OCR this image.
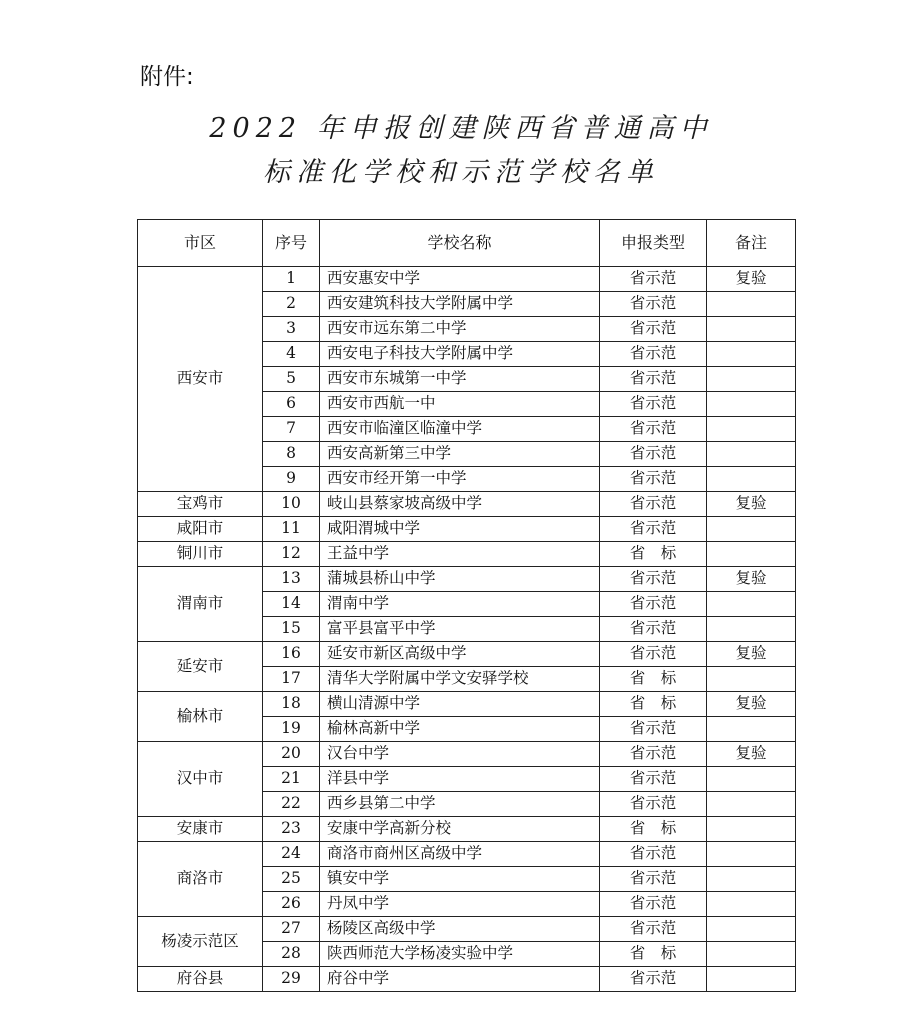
附件:
2022 年申报创建陕西省普通高中
标准化学校和示范学校名单
市区	序号	学校名称	申报类型	备注
西安市	1	西安惠安中学	省示范	复验
	2	西安建筑科技大学附属中学	省示范	
	3	西安市远东第二中学	省示范	
	4	西安电子科技大学附属中学	省示范	
	5	西安市东城第一中学	省示范	
	6	西安市西航一中	省示范	
	7	西安市临潼区临潼中学	省示范	
	8	西安高新第三中学	省示范	
	9	西安市经开第一中学	省示范	
宝鸡市	10	岐山县蔡家坡高级中学	省示范	复验
咸阳市	11	咸阳渭城中学	省示范	
铜川市	12	王益中学	省　标	
渭南市	13	蒲城县桥山中学	省示范	复验
	14	渭南中学	省示范	
	15	富平县富平中学	省示范	
延安市	16	延安市新区高级中学	省示范	复验
	17	清华大学附属中学文安驿学校	省　标	
榆林市	18	横山清源中学	省　标	复验
	19	榆林高新中学	省示范	
汉中市	20	汉台中学	省示范	复验
	21	洋县中学	省示范	
	22	西乡县第二中学	省示范	
安康市	23	安康中学高新分校	省　标	
商洛市	24	商洛市商州区高级中学	省示范	
	25	镇安中学	省示范	
	26	丹凤中学	省示范	
杨凌示范区	27	杨陵区高级中学	省示范	
	28	陕西师范大学杨凌实验中学	省　标	
府谷县	29	府谷中学	省示范	
